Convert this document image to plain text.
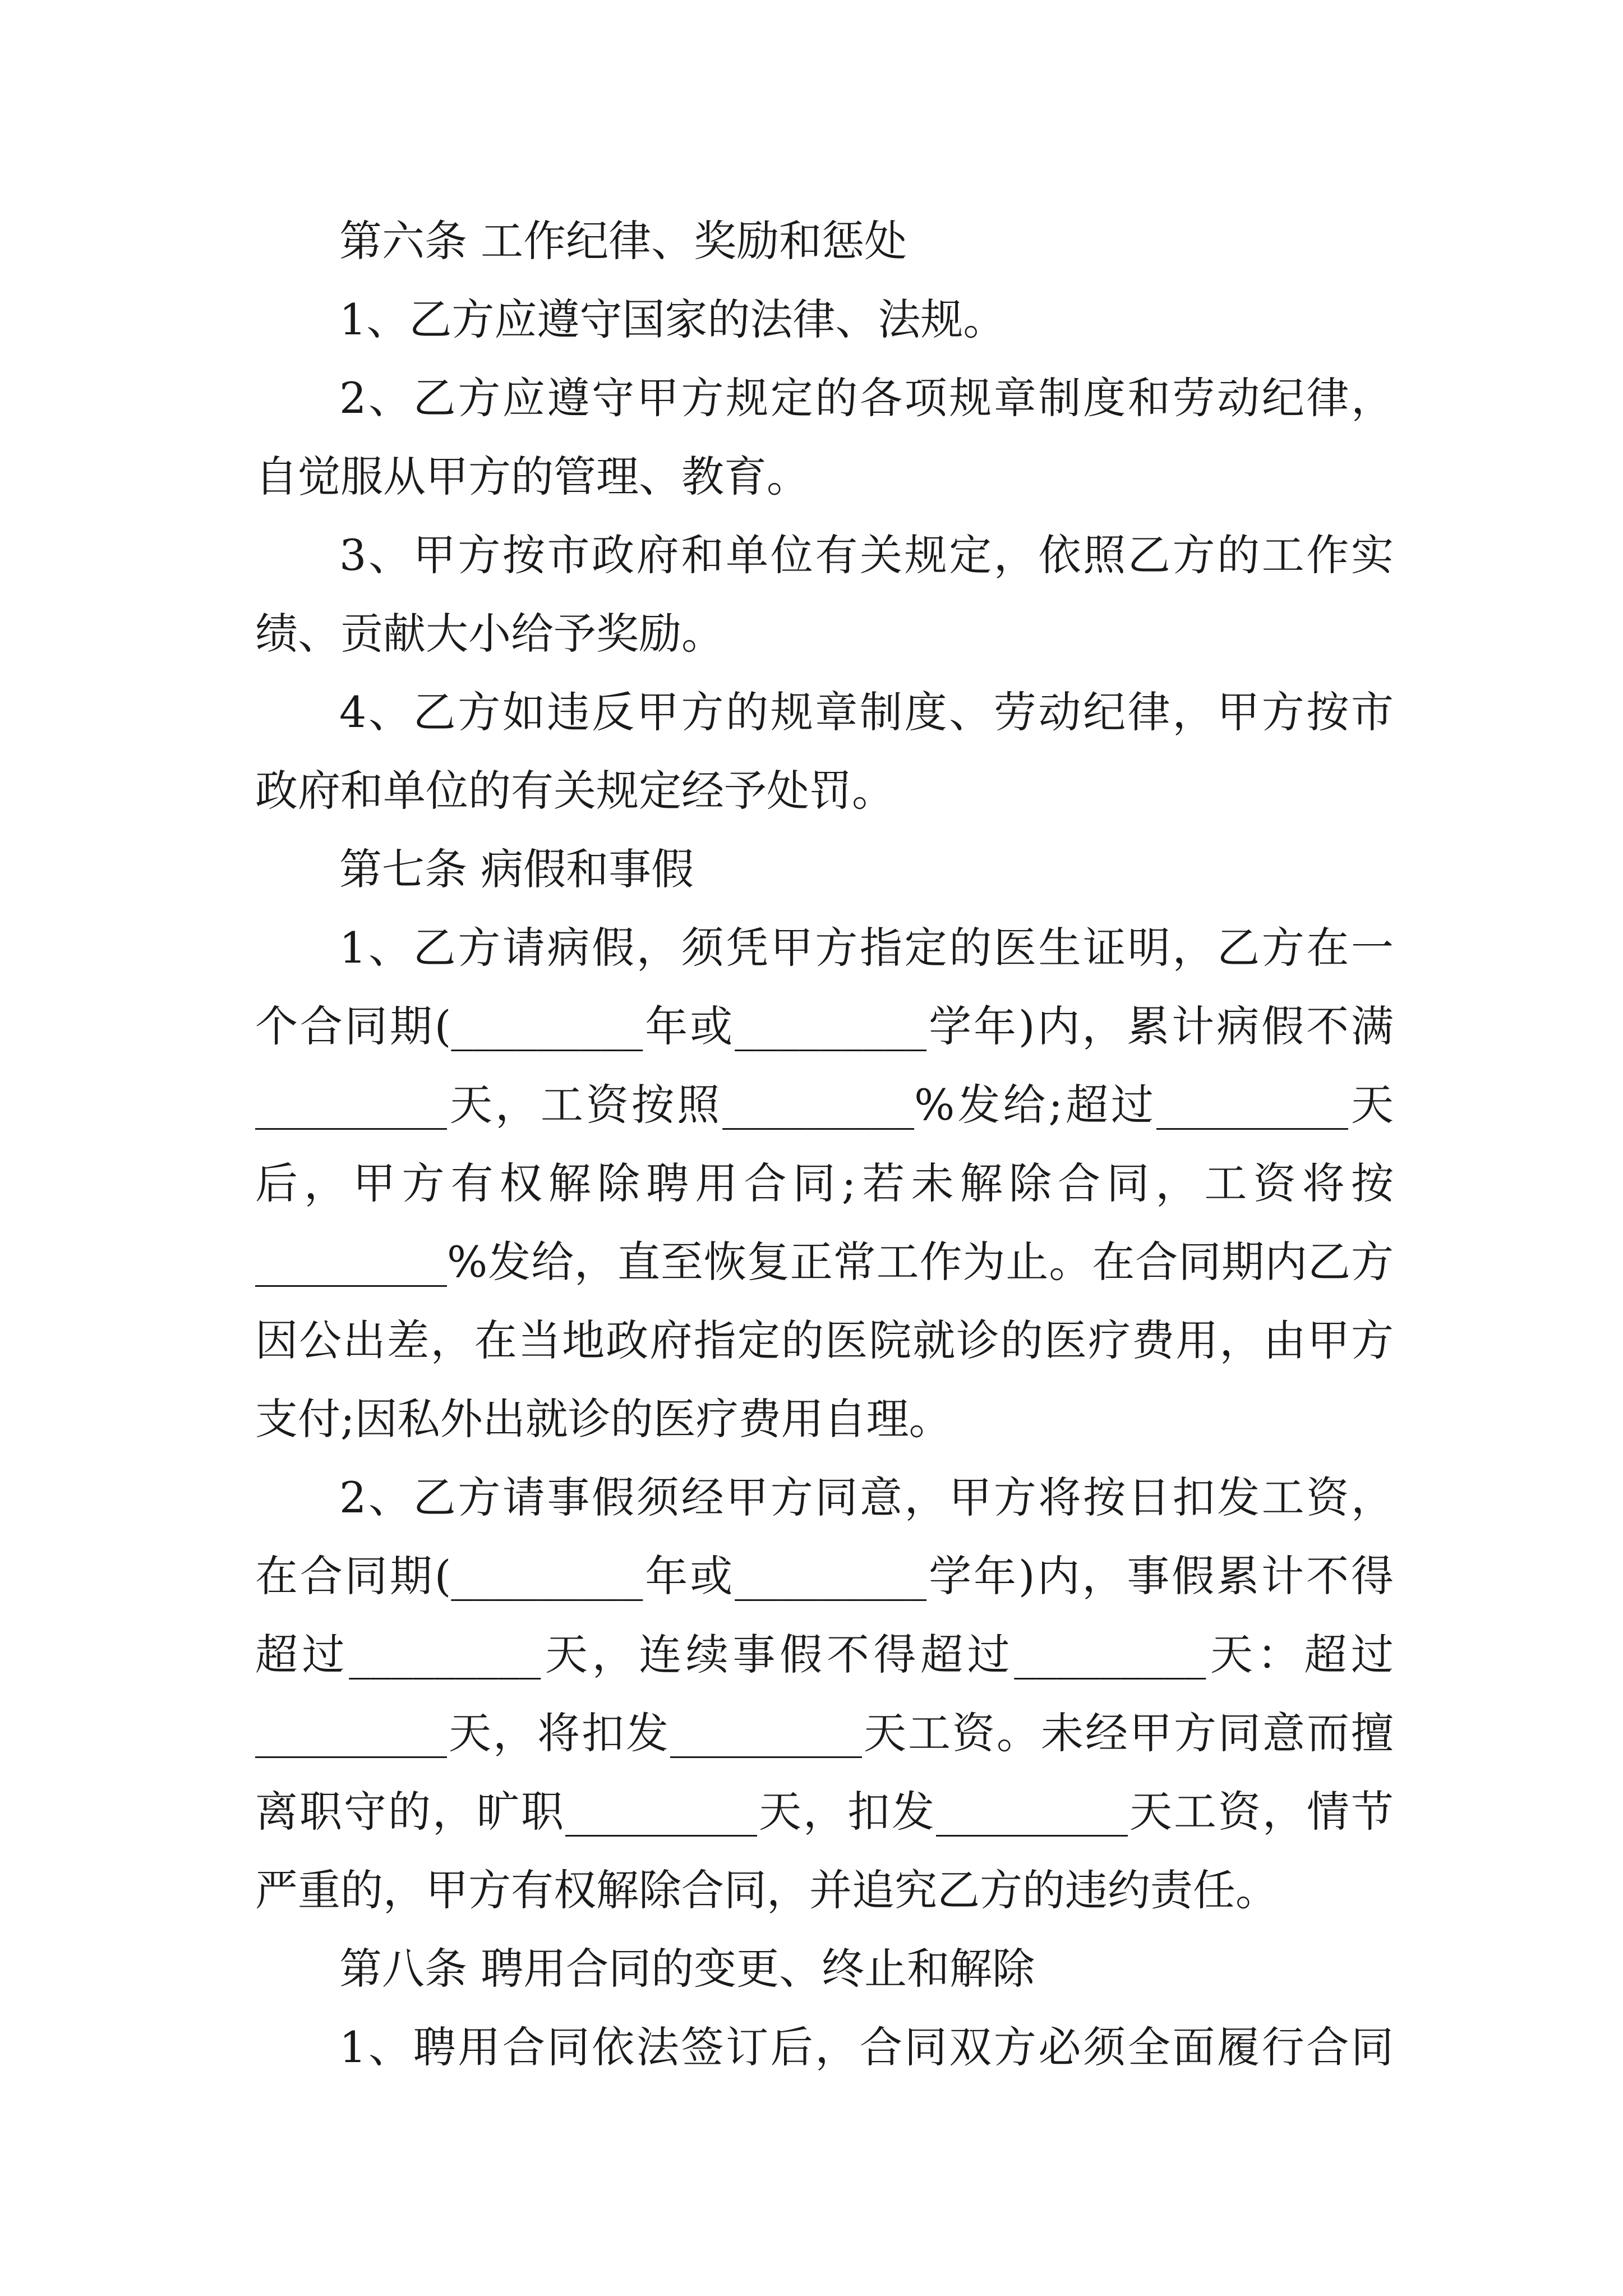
第六条 工作纪律、奖励和惩处
1、乙方应遵守国家的法律、法规。
2、乙方应遵守甲方规定的各项规章制度和劳动纪律，
自觉服从甲方的管理、教育。
3、甲方按市政府和单位有关规定，依照乙方的工作实
绩、贡献大小给予奖励。
4、乙方如违反甲方的规章制度、劳动纪律，甲方按市
政府和单位的有关规定经予处罚。
第七条 病假和事假
1、乙方请病假，须凭甲方指定的医生证明，乙方在一
个合同期(_________年或_________学年)内，累计病假不满
_________天，工资按照_________%发给;超过_________天
后，甲方有权解除聘用合同;若未解除合同，工资将按
_________%发给，直至恢复正常工作为止。在合同期内乙方
因公出差，在当地政府指定的医院就诊的医疗费用，由甲方
支付;因私外出就诊的医疗费用自理。
2、乙方请事假须经甲方同意，甲方将按日扣发工资，
在合同期(_________年或_________学年)内，事假累计不得
超过_________天，连续事假不得超过_________天：超过
_________天，将扣发_________天工资。未经甲方同意而擅
离职守的，旷职_________天，扣发_________天工资，情节
严重的，甲方有权解除合同，并追究乙方的违约责任。
第八条 聘用合同的变更、终止和解除
1、聘用合同依法签订后，合同双方必须全面履行合同
